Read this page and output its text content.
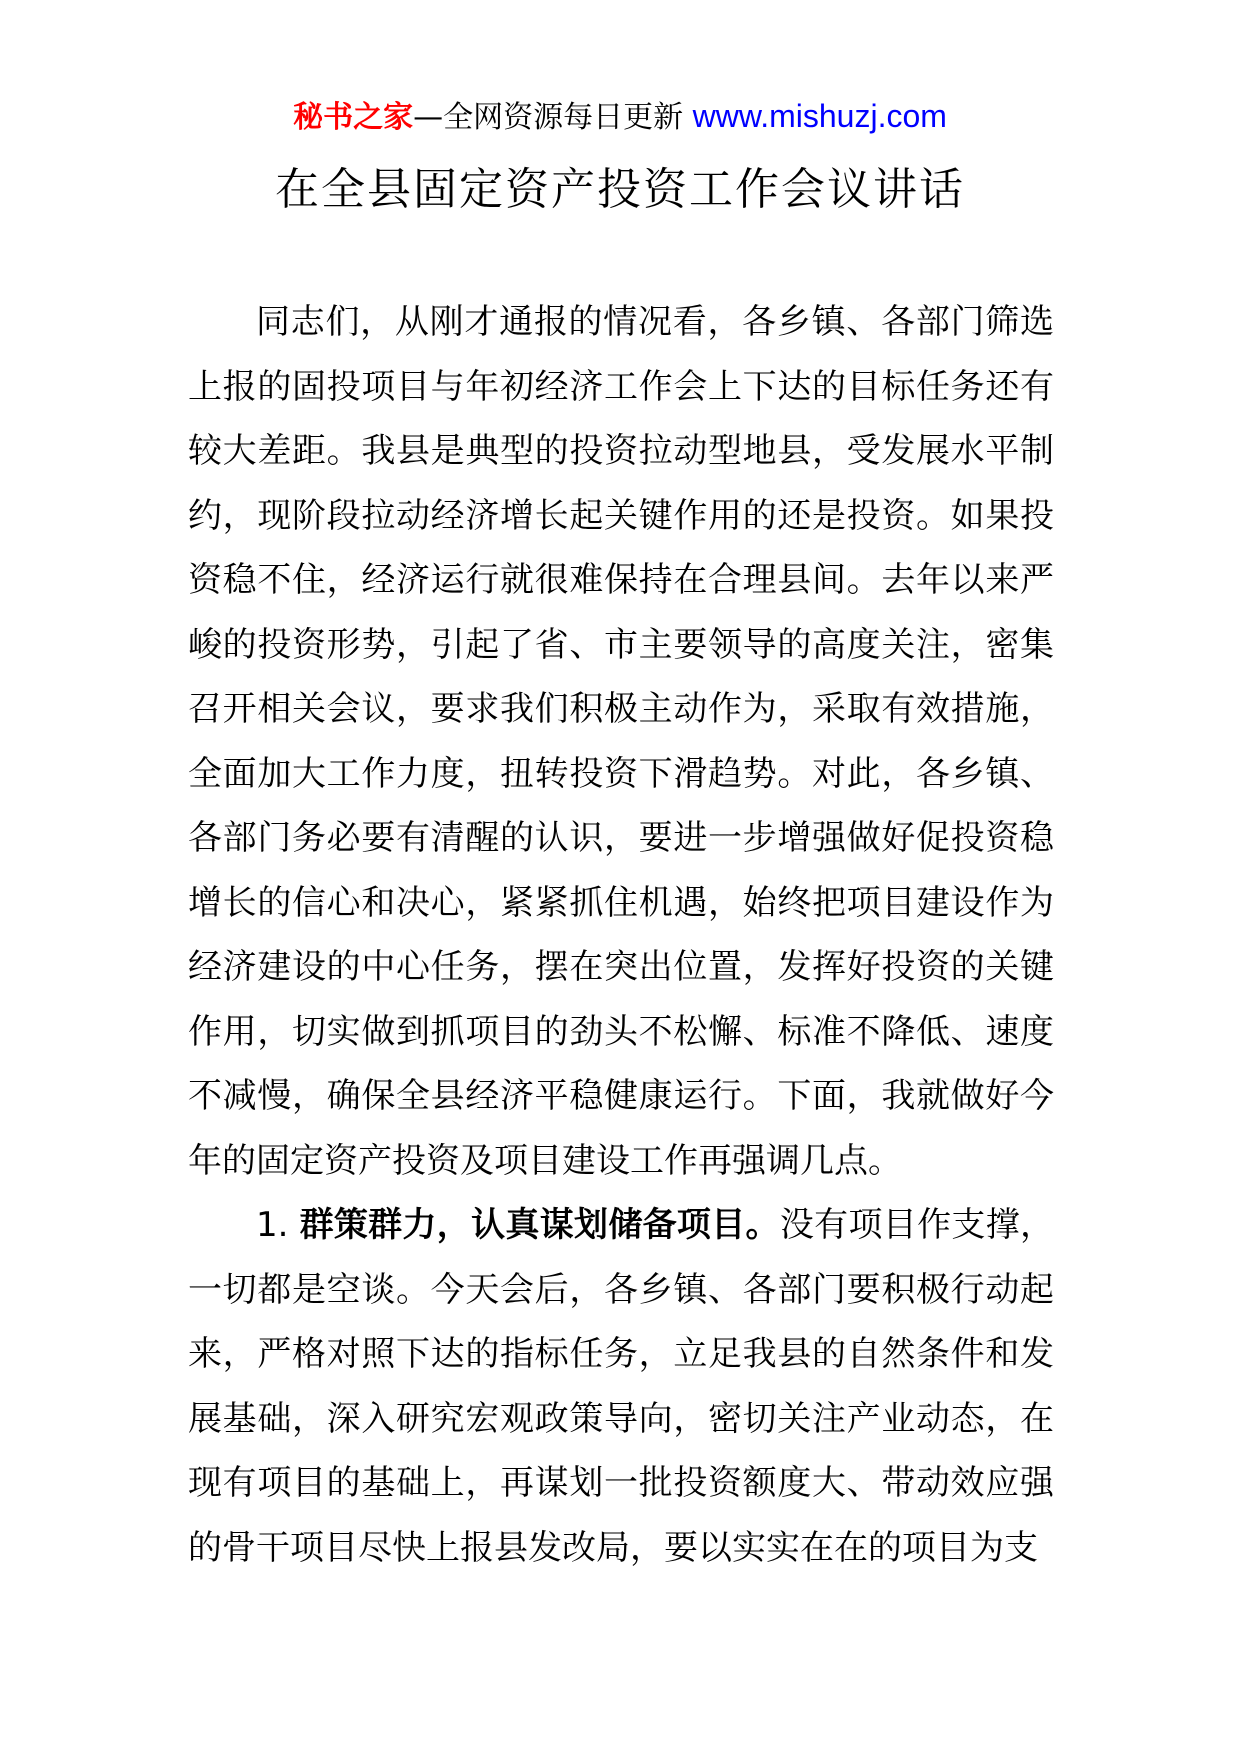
秘书之家—全网资源每日更新 www.mishuzj.com
在全县固定资产投资工作会议讲话

同志们，从刚才通报的情况看，各乡镇、各部门筛选上报的固投项目与年初经济工作会上下达的目标任务还有较大差距。我县是典型的投资拉动型地县，受发展水平制约，现阶段拉动经济增长起关键作用的还是投资。如果投资稳不住，经济运行就很难保持在合理县间。去年以来严峻的投资形势，引起了省、市主要领导的高度关注，密集召开相关会议，要求我们积极主动作为，采取有效措施，全面加大工作力度，扭转投资下滑趋势。对此，各乡镇、各部门务必要有清醒的认识，要进一步增强做好促投资稳增长的信心和决心，紧紧抓住机遇，始终把项目建设作为经济建设的中心任务，摆在突出位置，发挥好投资的关键作用，切实做到抓项目的劲头不松懈、标准不降低、速度不减慢，确保全县经济平稳健康运行。下面，我就做好今年的固定资产投资及项目建设工作再强调几点。

1. 群策群力，认真谋划储备项目。没有项目作支撑，一切都是空谈。今天会后，各乡镇、各部门要积极行动起来，严格对照下达的指标任务，立足我县的自然条件和发展基础，深入研究宏观政策导向，密切关注产业动态，在现有项目的基础上，再谋划一批投资额度大、带动效应强的骨干项目尽快上报县发改局，要以实实在在的项目为支
